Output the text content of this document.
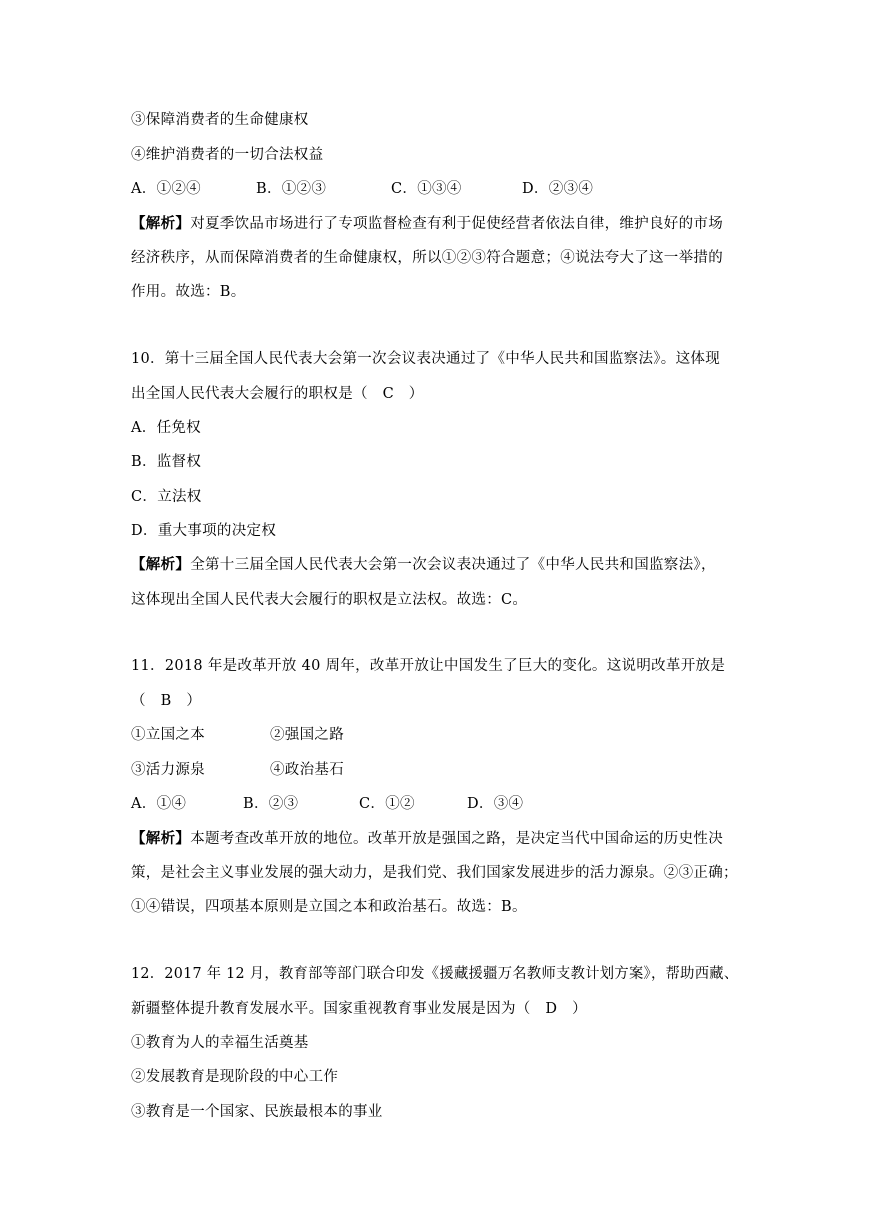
③保障消费者的生命健康权
④维护消费者的一切合法权益
A．①②④	B．①②③	C．①③④	D．②③④
【解析】对夏季饮品市场进行了专项监督检查有利于促使经营者依法自律，维护良好的市场
经济秩序，从而保障消费者的生命健康权，所以①②③符合题意；④说法夸大了这一举措的
作用。故选：B。
10．第十三届全国人民代表大会第一次会议表决通过了《中华人民共和国监察法》。这体现
出全国人民代表大会履行的职权是（　C　）
A．任免权
B．监督权
C．立法权
D．重大事项的决定权
【解析】全第十三届全国人民代表大会第一次会议表决通过了《中华人民共和国监察法》，
这体现出全国人民代表大会履行的职权是立法权。故选：C。
11．2018 年是改革开放 40 周年，改革开放让中国发生了巨大的变化。这说明改革开放是
（　B　）
①立国之本	②强国之路
③活力源泉	④政治基石
A．①④	B．②③	C．①②	D．③④
【解析】本题考查改革开放的地位。改革开放是强国之路，是决定当代中国命运的历史性决
策，是社会主义事业发展的强大动力，是我们党、我们国家发展进步的活力源泉。②③正确；
①④错误，四项基本原则是立国之本和政治基石。故选：B。
12．2017 年 12 月，教育部等部门联合印发《援藏援疆万名教师支教计划方案》，帮助西藏、
新疆整体提升教育发展水平。国家重视教育事业发展是因为（　D　）
①教育为人的幸福生活奠基
②发展教育是现阶段的中心工作
③教育是一个国家、民族最根本的事业
